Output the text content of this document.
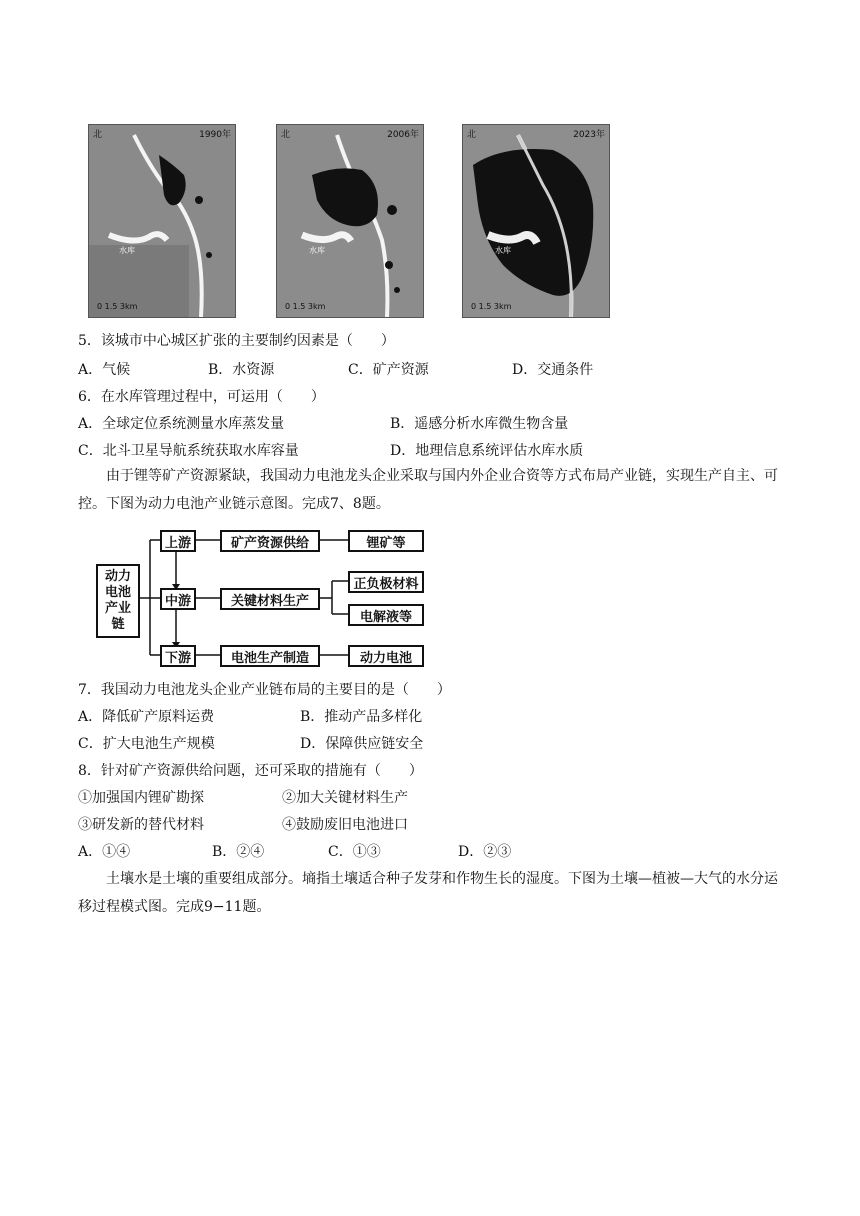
北	1990年
水库
0 1.5 3km
北	2006年
水库
0 1.5 3km
北	2023年
水库
0 1.5 3km
5．该城市中心城区扩张的主要制约因素是（　　）
A．气候	B．水资源	C．矿产资源	D．交通条件
6．在水库管理过程中，可运用（　　）
A．全球定位系统测量水库蒸发量	B．遥感分析水库微生物含量
C．北斗卫星导航系统获取水库容量	D．地理信息系统评估水库水质
由于锂等矿产资源紧缺，我国动力电池龙头企业采取与国内外企业合资等方式布局产业链，实现生产自主、可控。下图为动力电池产业链示意图。完成7、8题。
动力电池产业链
上游
中游
下游
矿产资源供给
关键材料生产
电池生产制造
锂矿等
正负极材料
电解液等
动力电池
7．我国动力电池龙头企业产业链布局的主要目的是（　　）
A．降低矿产原料运费	B．推动产品多样化
C．扩大电池生产规模	D．保障供应链安全
8．针对矿产资源供给问题，还可采取的措施有（　　）
①加强国内锂矿勘探	②加大关键材料生产
③研发新的替代材料	④鼓励废旧电池进口
A．①④	B．②④	C．①③	D．②③
土壤水是土壤的重要组成部分。墒指土壤适合种子发芽和作物生长的湿度。下图为土壤—植被—大气的水分运移过程模式图。完成9−11题。
